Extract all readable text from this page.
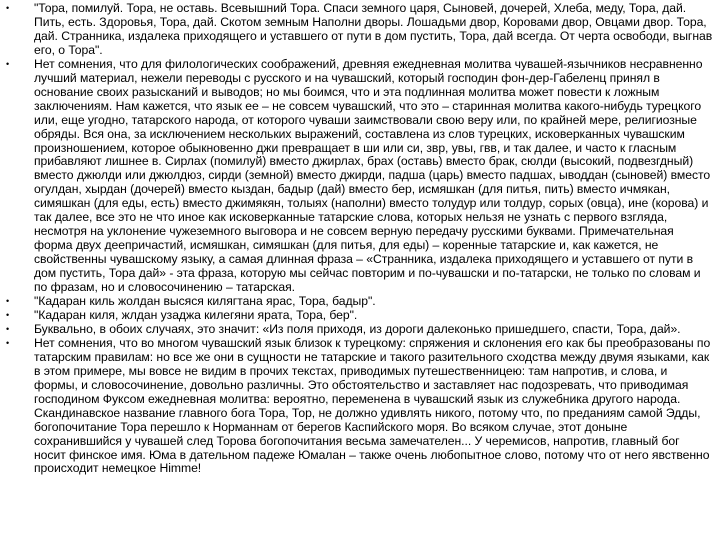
•	"Тора, помилуй. Тора, не оставь. Всевышний Тора. Спаси земного царя, Сыновей, дочерей, Хлеба, меду, Тора, дай. Пить, есть. Здоровья, Тора, дай. Скотом земным Наполни дворы. Лошадьми двор, Коровами двор, Овцами двор. Тора, дай. Странника, издалека приходящего и уставшего от пути в дом пустить, Тора, дай всегда. От черта освободи, выгнав его, о Тора".
•	Нет сомнения, что для филологических соображений, древняя ежедневная молитва чувашей-язычников несравненно лучший материал, нежели переводы с русского и на чувашский, который господин фон-дер-Габеленц принял в основание своих разысканий и выводов; но мы боимся, что и эта подлинная молитва может повести к ложным заключениям. Нам кажется, что язык ее – не совсем чувашский, что это – старинная молитва какого-нибудь турецкого или, еще угодно, татарского народа, от которого чуваши заимствовали свою веру или, по крайней мере, религиозные обряды. Вся она, за исключением нескольких выражений, составлена из слов турецких, исковерканных чувашским произношением, которое обыкновенно джи превращает в ши или си, звр, увы, гвв, и так далее, и часто к гласным прибавляют лишнее в. Сирлах (помилуй) вместо джирлах, брах (оставь) вместо брак, сюлди (высокий, подвезгдный) вместо джюлди или джюлдюз, сирди (земной) вместо джирди, падша (царь) вместо падшах, ыводдан (сыновей) вместо огулдан, хырдан (дочерей) вместо кыздан, бадыр (дай) вместо бер, исмяшкан (для питья, пить) вместо ичмякан, симяшкан (для еды, есть) вместо джимякян, толыях (наполни) вместо толудур или толдур, сорых (овца), ине (корова) и так далее, все это не что иное как исковерканные татарские слова, которых нельзя не узнать с первого взгляда, несмотря на уклонение чужеземного выговора и не совсем верную передачу русскими буквами. Примечательная форма двух деепричастий, исмяшкан, симяшкан (для питья, для еды) – коренные татарские и, как кажется, не свойственны чувашскому языку, а самая длинная фраза – «Странника, издалека приходящего и уставшего от пути в дом пустить, Тора дай» - эта фраза, которую мы сейчас повторим и по-чувашски и по-татарски, не только по словам и по фразам, но и словосочинению – татарская.
•	"Кадаран киль жолдан высяся килягтана ярас, Тора, бадыр".
•	"Кадаран киля, жлдан узаджа килегяни ярата, Тора, бер".
•	Буквально, в обоих случаях, это значит: «Из поля приходя, из дороги далеконько пришедшего, спасти, Тора, дай».
•	Нет сомнения, что во многом чувашский язык близок к турецкому: спряжения и склонения его как бы преобразованы по татарским правилам: но все же они в сущности не татарские и такого разительного сходства между двумя языками, как в этом примере, мы вовсе не видим в прочих текстах, приводимых путешественницею: там напротив, и слова, и формы, и словосочинение, довольно различны. Это обстоятельство и заставляет нас подозревать, что приводимая господином Фуксом ежедневная молитва: вероятно, переменена в чувашский язык из служебника другого народа. Скандинавское название главного бога Тора, Тор, не должно удивлять никого, потому что, по преданиям самой Эдды, богопочитание Тора перешло к Норманнам от берегов Каспийского моря. Во всяком случае, этот доныне сохранившийся у чувашей след Торова богопочитания весьма замечателен... У черемисов, напротив, главный бог носит финское имя. Юма в дательном падеже Юмалан – также очень любопытное слово, потому что от него явственно происходит немецкое Himme!
